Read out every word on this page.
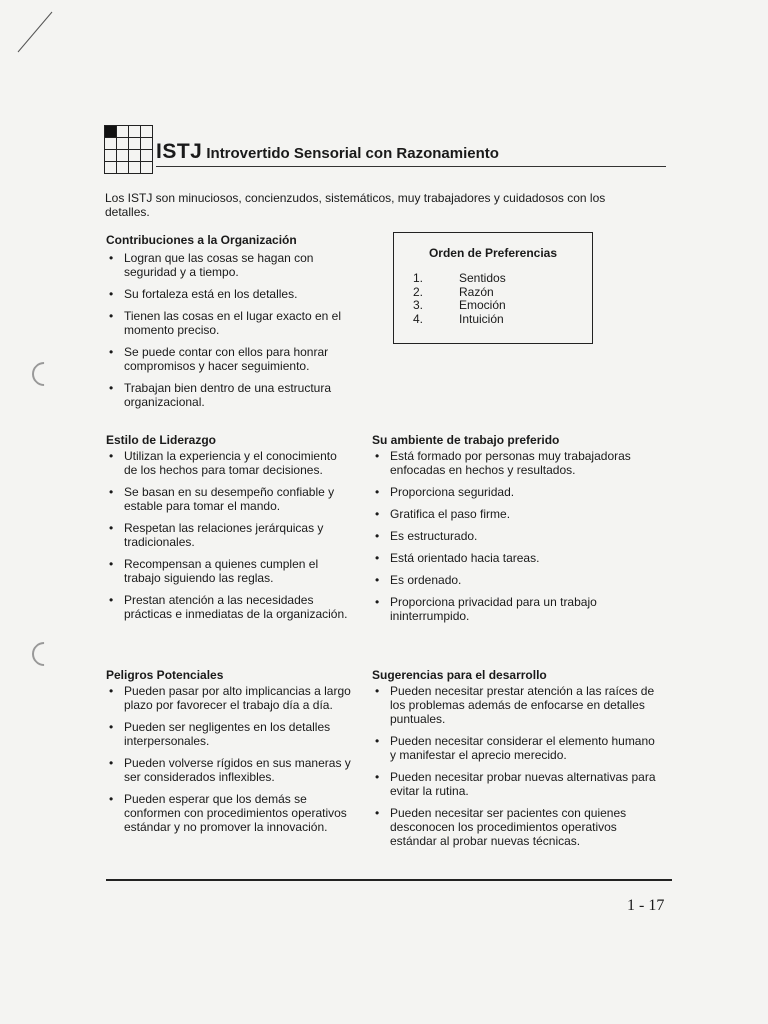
ISTJ Introvertido Sensorial con Razonamiento
Los ISTJ son minuciosos, concienzudos, sistemáticos, muy trabajadores y cuidadosos con los detalles.
Contribuciones a la Organización
• Logran que las cosas se hagan con seguridad y a tiempo.
• Su fortaleza está en los detalles.
• Tienen las cosas en el lugar exacto en el momento preciso.
• Se puede contar con ellos para honrar compromisos y hacer seguimiento.
• Trabajan bien dentro de una estructura organizacional.
Orden de Preferencias
1.	Sentidos
2.	Razón
3.	Emoción
4.	Intuición
Estilo de Liderazgo
• Utilizan la experiencia y el conocimiento de los hechos para tomar decisiones.
• Se basan en su desempeño confiable y estable para tomar el mando.
• Respetan las relaciones jerárquicas y tradicionales.
• Recompensan a quienes cumplen el trabajo siguiendo las reglas.
• Prestan atención a las necesidades prácticas e inmediatas de la organización.
Su ambiente de trabajo preferido
• Está formado por personas muy trabajadoras enfocadas en hechos y resultados.
• Proporciona seguridad.
• Gratifica el paso firme.
• Es estructurado.
• Está orientado hacia tareas.
• Es ordenado.
• Proporciona privacidad para un trabajo ininterrumpido.
Peligros Potenciales
• Pueden pasar por alto implicancias a largo plazo por favorecer el trabajo día a día.
• Pueden ser negligentes en los detalles interpersonales.
• Pueden volverse rígidos en sus maneras y ser considerados inflexibles.
• Pueden esperar que los demás se conformen con procedimientos operativos estándar y no promover la innovación.
Sugerencias para el desarrollo
• Pueden necesitar prestar atención a las raíces de los problemas además de enfocarse en detalles puntuales.
• Pueden necesitar considerar el elemento humano y manifestar el aprecio merecido.
• Pueden necesitar probar nuevas alternativas para evitar la rutina.
• Pueden necesitar ser pacientes con quienes desconocen los procedimientos operativos estándar al probar nuevas técnicas.
1 - 17
